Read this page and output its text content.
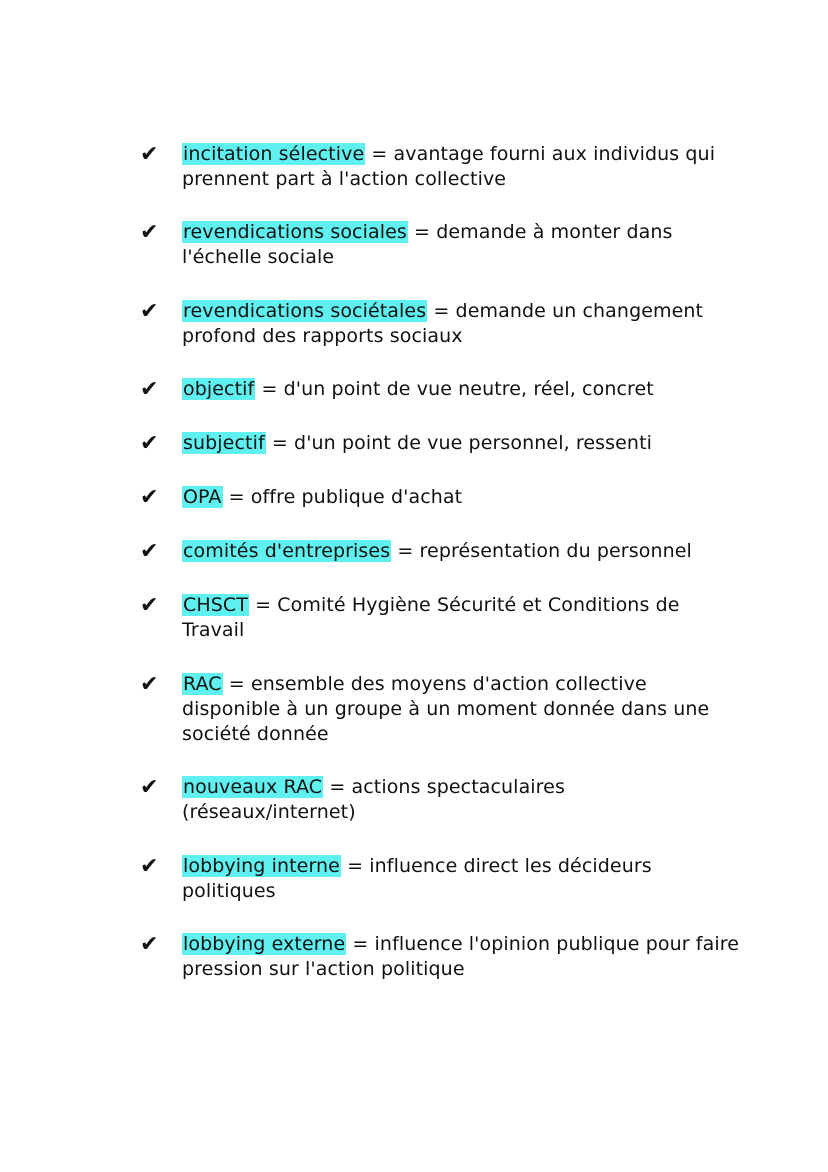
✔	incitation sélective = avantage fourni aux individus qui
prennent part à l'action collective
✔	revendications sociales = demande à monter dans
l'échelle sociale
✔	revendications sociétales = demande un changement
profond des rapports sociaux
✔	objectif = d'un point de vue neutre, réel, concret
✔	subjectif = d'un point de vue personnel, ressenti
✔	OPA = offre publique d'achat
✔	comités d'entreprises = représentation du personnel
✔	CHSCT = Comité Hygiène Sécurité et Conditions de
Travail
✔	RAC = ensemble des moyens d'action collective
disponible à un groupe à un moment donnée dans une
société donnée
✔	nouveaux RAC = actions spectaculaires
(réseaux/internet)
✔	lobbying interne = influence direct les décideurs
politiques
✔	lobbying externe = influence l'opinion publique pour faire
pression sur l'action politique
